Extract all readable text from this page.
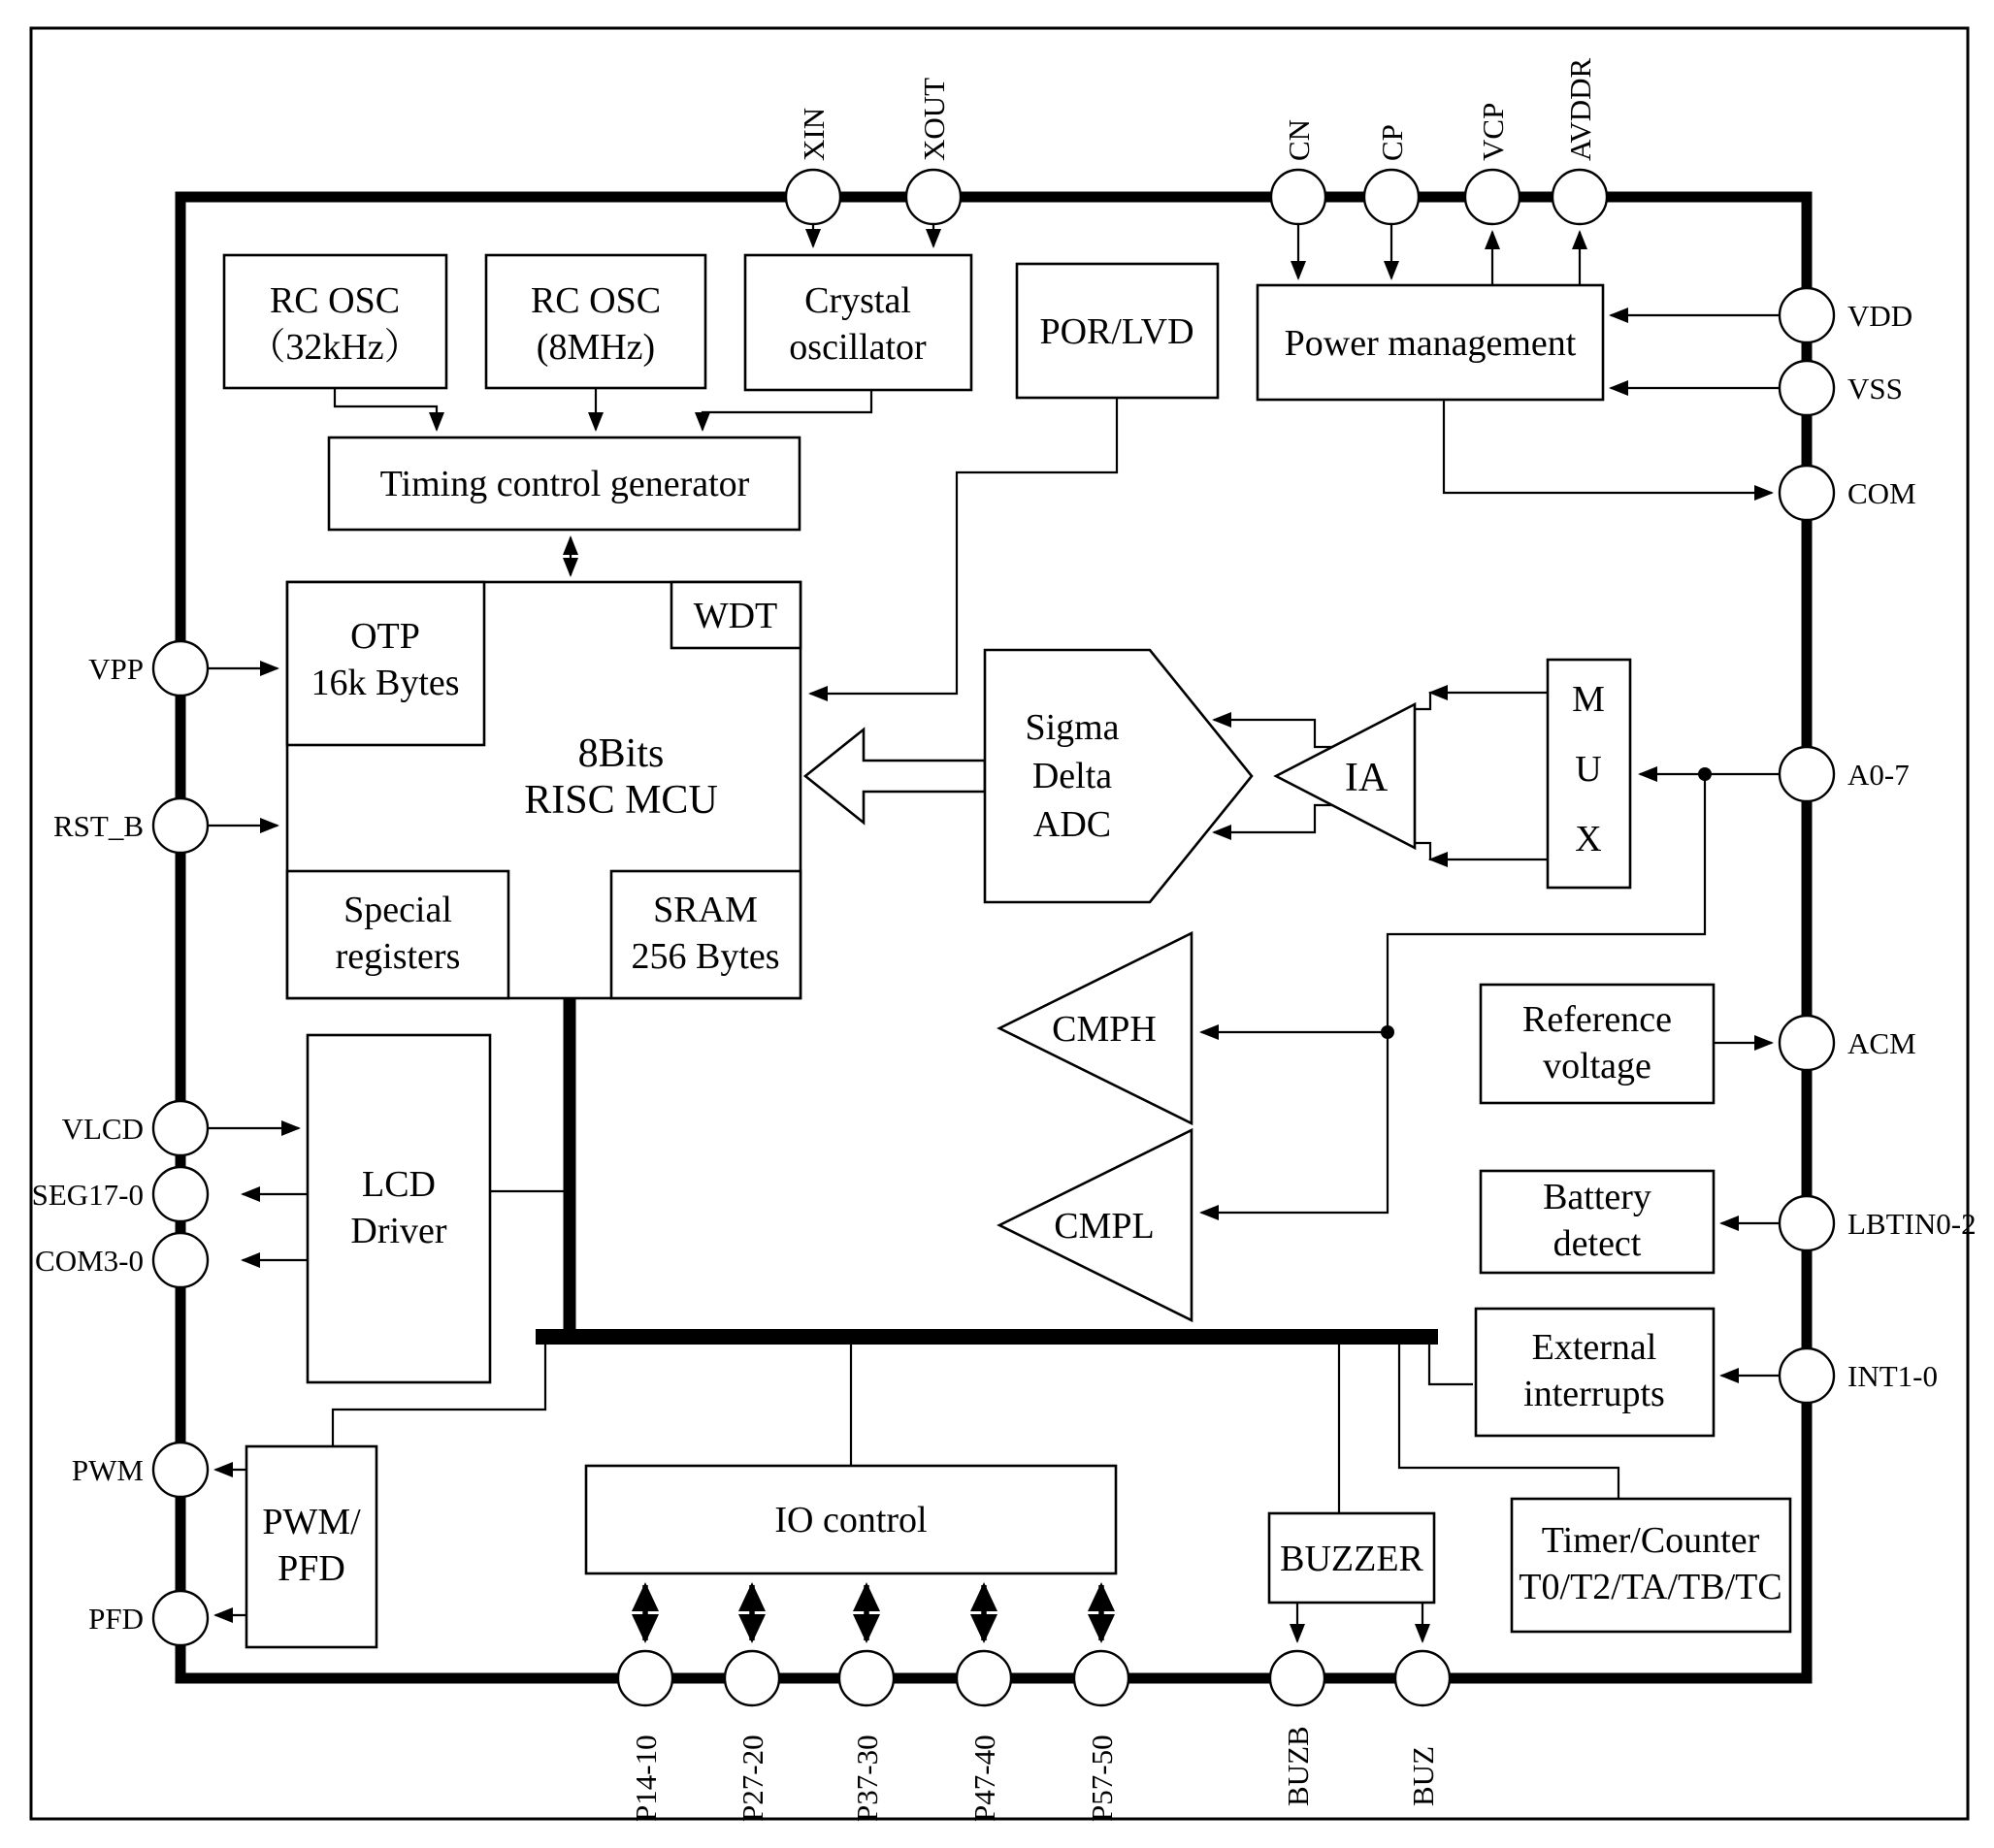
RC OSC
（32kHz）
RC OSC
(8MHz)
Crystal
oscillator	POR/LVD Power management
Timing control generator
8Bits
RISC MCU
OTP
16k Bytes
WDT
Special
registers
SRAM
256 Bytes
Sigma
Delta
ADC
IA
M
U
X
CMPH
CMPL
Reference
voltage
Battery
detect
External
interrupts
Timer/Counter
T0/T2/TA/TB/TC
LCD
Driver
PWM/
PFD
IO control
BUZZER
XIN	XOUT	CN CP VCP AVDDR
VDD
VSS
COM
A0-7
ACM
LBTIN0-2
INT1-0
VPP
RST_B
VLCD
SEG17-0
COM3-0
PWM
PFD
P14-10 P27-20	P37-30	P47-40	P57-50	BUZB	BUZ
